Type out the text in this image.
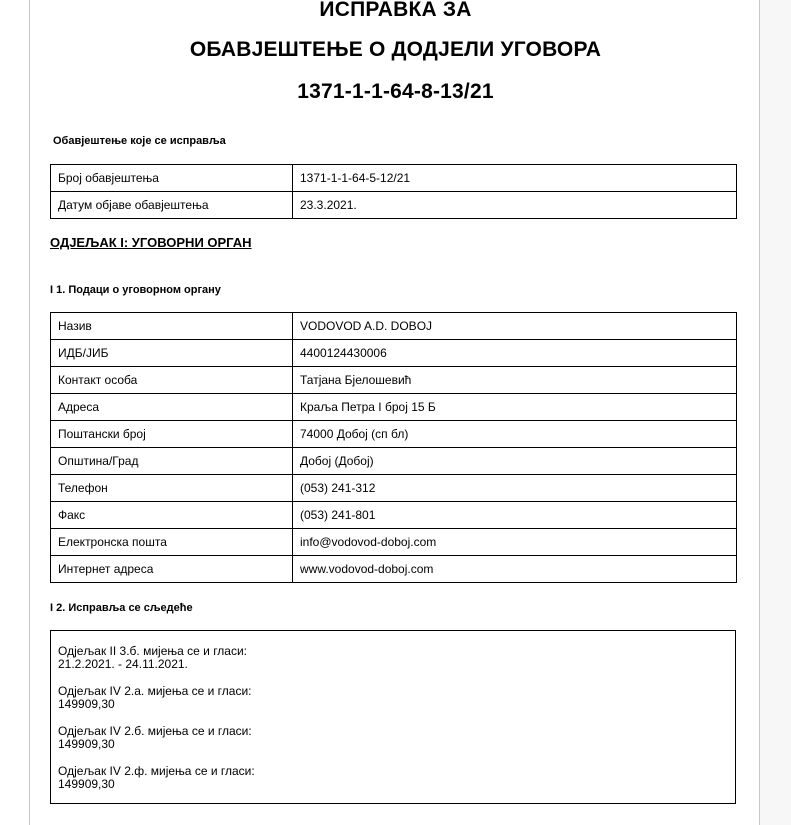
ИСПРАВКА ЗА
ОБАВЈЕШТЕЊЕ О ДОДЈЕЛИ УГОВОРА
1371-1-1-64-8-13/21
Обавјештење које се исправља
Број обавјештења	1371-1-1-64-5-12/21
Датум објаве обавјештења	23.3.2021.
ОДЈЕЉАК I: УГОВОРНИ ОРГАН
I 1. Подаци о уговорном органу
Назив	VODOVOD A.D. DOBOJ
ИДБ/ЈИБ	4400124430006
Контакт особа	Татјана Бјелошевић
Адреса	Краља Петра I број 15 Б
Поштански број	74000 Добој (сп бл)
Општина/Град	Добој (Добој)
Телефон	(053) 241-312
Факс	(053) 241-801
Електронска пошта	info@vodovod-doboj.com
Интернет адреса	www.vodovod-doboj.com
I 2. Исправља се сљедеће
Одјељак II 3.б. мијења се и гласи:
21.2.2021. - 24.11.2021.
Одјељак IV 2.а. мијења се и гласи:
149909,30
Одјељак IV 2.б. мијења се и гласи:
149909,30
Одјељак IV 2.ф. мијења се и гласи:
149909,30
